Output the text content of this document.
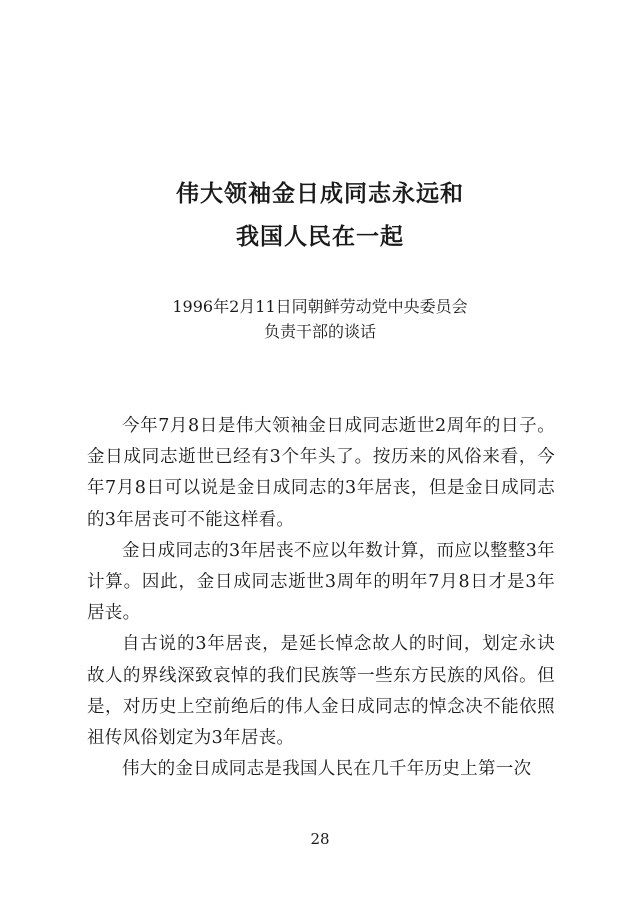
伟大领袖金日成同志永远和
我国人民在一起
1996年2月11日同朝鲜劳动党中央委员会
负责干部的谈话

今年7月8日是伟大领袖金日成同志逝世2周年的日子。金日成同志逝世已经有3个年头了。按历来的风俗来看，今年7月8日可以说是金日成同志的3年居丧，但是金日成同志的3年居丧可不能这样看。

金日成同志的3年居丧不应以年数计算，而应以整整3年计算。因此，金日成同志逝世3周年的明年7月8日才是3年居丧。

自古说的3年居丧，是延长悼念故人的时间，划定永诀故人的界线深致哀悼的我们民族等一些东方民族的风俗。但是，对历史上空前绝后的伟人金日成同志的悼念决不能依照祖传风俗划定为3年居丧。

伟大的金日成同志是我国人民在几千年历史上第一次

28
